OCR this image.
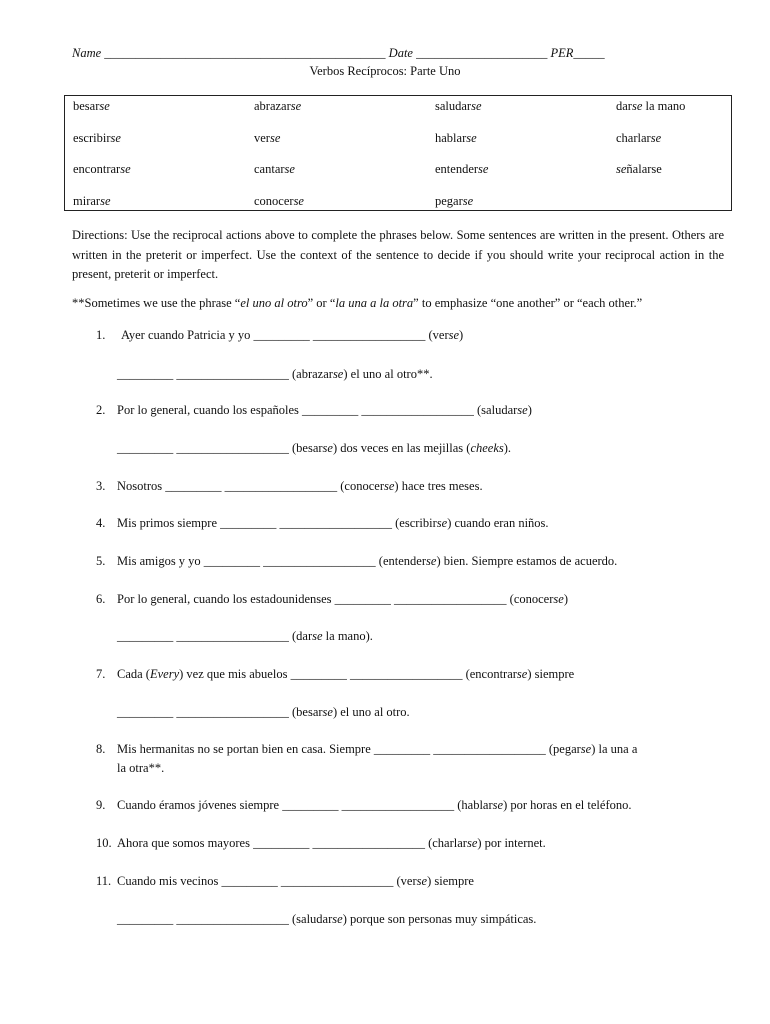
Name _____________________________________________ Date _____________________ PER_____
Verbos Recíprocos: Parte Uno
besarse	abrazarse	saludarse	darse la mano
escribirse	verse	hablarse	charlarse
encontrarse	cantarse	entenderse	señalarse
mirarse	conocerse	pegarse
Directions: Use the reciprocal actions above to complete the phrases below. Some sentences are written in the present. Others are written in the preterit or imperfect. Use the context of the sentence to decide if you should write your reciprocal action in the present, preterit or imperfect.
**Sometimes we use the phrase “el uno al otro” or “la una a la otra” to emphasize “one another” or “each other.”
1. Ayer cuando Patricia y yo _________ __________________ (verse)
_________ __________________ (abrazarse) el uno al otro**.
2. Por lo general, cuando los españoles _________ __________________ (saludarse)
_________ __________________ (besarse) dos veces en las mejillas (cheeks).
3. Nosotros _________ __________________ (conocerse) hace tres meses.
4. Mis primos siempre _________ __________________ (escribirse) cuando eran niños.
5. Mis amigos y yo _________ __________________ (entenderse) bien. Siempre estamos de acuerdo.
6. Por lo general, cuando los estadounidenses _________ __________________ (conocerse)
_________ __________________ (darse la mano).
7. Cada (Every) vez que mis abuelos _________ __________________ (encontrarse) siempre
_________ __________________ (besarse) el uno al otro.
8. Mis hermanitas no se portan bien en casa. Siempre _________ __________________ (pegarse) la una a
la otra**.
9. Cuando éramos jóvenes siempre _________ __________________ (hablarse) por horas en el teléfono.
10. Ahora que somos mayores _________ __________________ (charlarse) por internet.
11. Cuando mis vecinos _________ __________________ (verse) siempre
_________ __________________ (saludarse) porque son personas muy simpáticas.
